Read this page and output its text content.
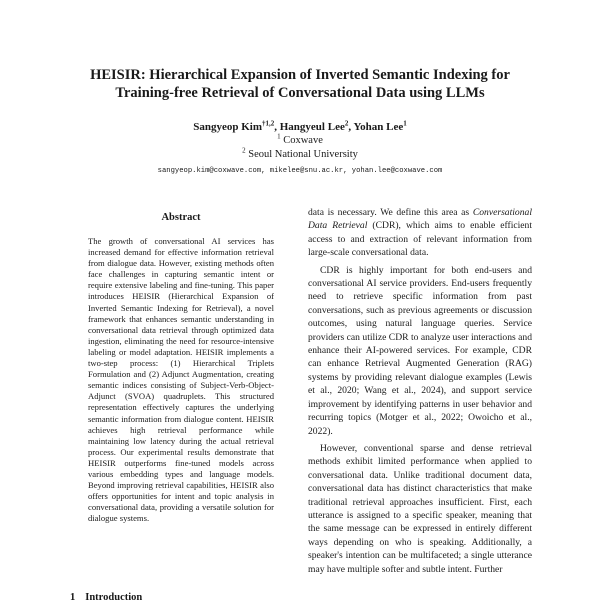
HEISIR: Hierarchical Expansion of Inverted Semantic Indexing for
Training-free Retrieval of Conversational Data using LLMs
Sangyeop Kim$^{\dagger 1,2}$, Hangyeul Lee$^2$, Yohan Lee$^1$
$^1$ Coxwave
$^2$ Seoul National University
sangyeop.kim@coxwave.com, mikelee@snu.ac.kr, yohan.lee@coxwave.com
Abstract
The growth of conversational AI services has increased demand for effective information retrieval from dialogue data. However, existing methods often face challenges in capturing semantic intent or require extensive labeling and fine-tuning. This paper introduces HEISIR (Hierarchical Expansion of Inverted Semantic Indexing for Retrieval), a novel framework that enhances semantic understanding in conversational data retrieval through optimized data ingestion, eliminating the need for resource-intensive labeling or model adaptation. HEISIR implements a two-step process: (1) Hierarchical Triplets Formulation and (2) Adjunct Augmentation, creating semantic indices consisting of Subject-Verb-Object-Adjunct (SVOA) quadruplets. This structured representation effectively captures the underlying semantic information from dialogue content. HEISIR achieves high retrieval performance while maintaining low latency during the actual retrieval process. Our experimental results demonstrate that HEISIR outperforms fine-tuned models across various embedding types and language models. Beyond improving retrieval capabilities, HEISIR also offers opportunities for intent and topic analysis in conversational data, providing a versatile solution for dialogue systems.
1 Introduction

data is necessary. We define this area as Conversational Data Retrieval (CDR), which aims to enable efficient access to and extraction of relevant information from large-scale conversational data.

CDR is highly important for both end-users and conversational AI service providers. End-users frequently need to retrieve specific information from past conversations, such as previous agreements or discussion outcomes, using natural language queries. Service providers can utilize CDR to analyze user interactions and enhance their AI-powered services. For example, CDR can enhance Retrieval Augmented Generation (RAG) systems by providing relevant dialogue examples (Lewis et al., 2020; Wang et al., 2024), and support service improvement by identifying patterns in user behavior and recurring topics (Motger et al., 2022; Owoicho et al., 2022).

However, conventional sparse and dense retrieval methods exhibit limited performance when applied to conversational data. Unlike traditional document data, conversational data has distinct characteristics that make traditional retrieval approaches insufficient. First, each utterance is assigned to a specific speaker, meaning that the same message can be expressed in entirely different ways depending on who is speaking. Additionally, a speaker's intention can be multifaceted; a single utterance may have multiple softer and subtle intent. Further
